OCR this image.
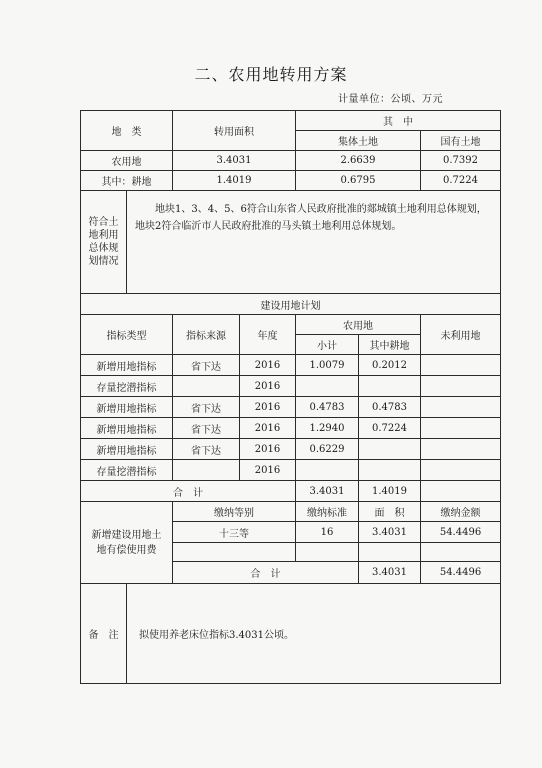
二、农用地转用方案
计量单位：公顷、万元
地　类		转用面积		其　中		
				集体土地		国有土地
农用地		3.4031		2.6639		0.7392
其中：耕地		1.4019		0.6795		0.7224
符合土地利用总体规划情况	地块1、3、4、5、6符合山东省人民政府批准的郯城镇土地利用总体规划，地块2符合临沂市人民政府批准的马头镇土地利用总体规划。					
建设用地计划						
指标类型		指标来源	年度	农用地		未利用地
				小计	其中耕地	
新增用地指标		省下达	2016	1.0079	0.2012	
存量挖潜指标			2016			
新增用地指标		省下达	2016	0.4783	0.4783	
新增用地指标		省下达	2016	1.2940	0.7224	
新增用地指标		省下达	2016	0.6229		
存量挖潜指标			2016			
合　计				3.4031	1.4019	
新增建设用地土地有偿使用费		缴纳等别		缴纳标准	面　积	缴纳金额
		十三等		16	3.4031	54.4496

		合　计			3.4031	54.4496
备　注	拟使用养老床位指标3.4031公顷。					
